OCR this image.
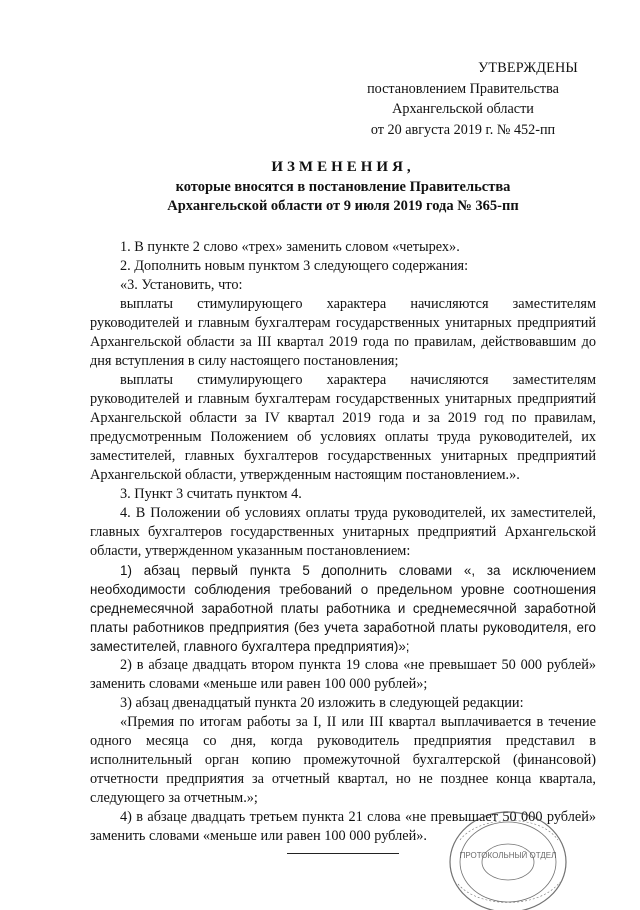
УТВЕРЖДЕНЫ
постановлением Правительства
Архангельской области
от 20 августа 2019 г. № 452-пп
ИЗМЕНЕНИЯ,
которые вносятся в постановление Правительства
Архангельской области от 9 июля 2019 года № 365-пп

1. В пункте 2 слово «трех» заменить словом «четырех».

2. Дополнить новым пунктом 3 следующего содержания:

«3. Установить, что:

выплаты стимулирующего характера начисляются заместителям руководителей и главным бухгалтерам государственных унитарных предприятий Архангельской области за III квартал 2019 года по правилам, действовавшим до дня вступления в силу настоящего постановления;

выплаты стимулирующего характера начисляются заместителям руководителей и главным бухгалтерам государственных унитарных предприятий Архангельской области за IV квартал 2019 года и за 2019 год по правилам, предусмотренным Положением об условиях оплаты труда руководителей, их заместителей, главных бухгалтеров государственных унитарных предприятий Архангельской области, утвержденным настоящим постановлением.».

3. Пункт 3 считать пунктом 4.

4. В Положении об условиях оплаты труда руководителей, их заместителей, главных бухгалтеров государственных унитарных предприятий Архангельской области, утвержденном указанным постановлением:

1) абзац первый пункта 5 дополнить словами «, за исключением необходимости соблюдения требований о предельном уровне соотношения среднемесячной заработной платы работника и среднемесячной заработной платы работников предприятия (без учета заработной платы руководителя, его заместителей, главного бухгалтера предприятия)»;

2) в абзаце двадцать втором пункта 19 слова «не превышает 50 000 рублей» заменить словами «меньше или равен 100 000 рублей»;

3) абзац двенадцатый пункта 20 изложить в следующей редакции:

«Премия по итогам работы за I, II или III квартал выплачивается в течение одного месяца со дня, когда руководитель предприятия представил в исполнительный орган копию промежуточной бухгалтерской (финансовой) отчетности предприятия за отчетный квартал, но не позднее конца квартала, следующего за отчетным.»;

4) в абзаце двадцать третьем пункта 21 слова «не превышает 50 000 рублей» заменить словами «меньше или равен 100 000 рублей».

ПРОТОКОЛЬНЫЙ ОТДЕЛ
